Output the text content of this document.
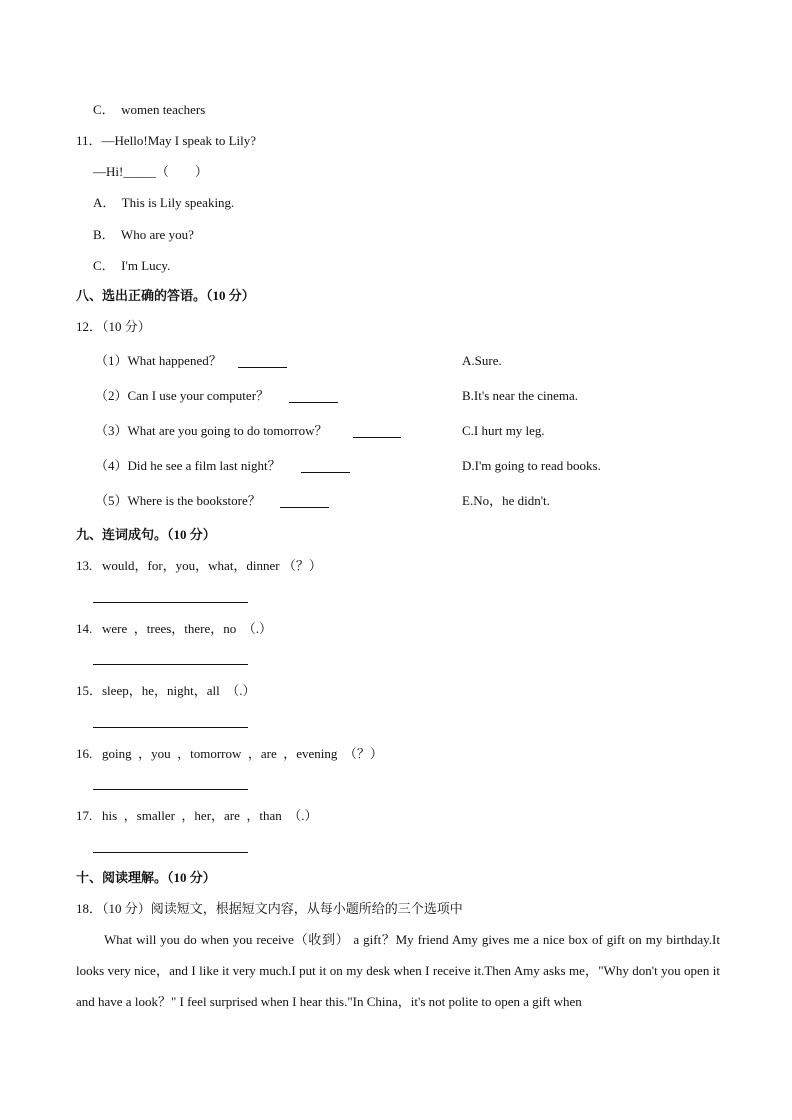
C．  women teachers
11．—Hello!May I speak to Lily?
—Hi!_____（　　）
A．  This is Lily speaking.
B．  Who are you?
C．  I'm Lucy.
八、选出正确的答语。（10 分）
12．（10 分）
（1）What happened？	A.Sure.
（2）Can I use your computer？	B.It's near the cinema.
（3）What are you going to do tomorrow？	C.I hurt my leg.
（4）Did he see a film last night？	D.I'm going to read books.
（5）Where is the bookstore？	E.No，he didn't.
九、连词成句。（10 分）
13.   would，for，you，what，dinner （？）
14.   were  ，trees，there，no  （.）
15．sleep，he，night，all  （.）
16.   going  ，you  ，tomorrow  ，are  ，evening  （？）
17.   his  ，smaller  ，her，are  ，than  （.）
十、阅读理解。（10 分）
18．（10 分）阅读短文，根据短文内容，从每小题所给的三个选项中
What will you do when you receive（收到） a gift？My friend Amy gives me a nice box of gift on my birthday.It looks very nice，and I like it very much.I put it on my desk when I receive it.Then Amy asks me，"Why don't you open it and have a look？" I feel surprised when I hear this."In China，it's not polite to open a gift when
